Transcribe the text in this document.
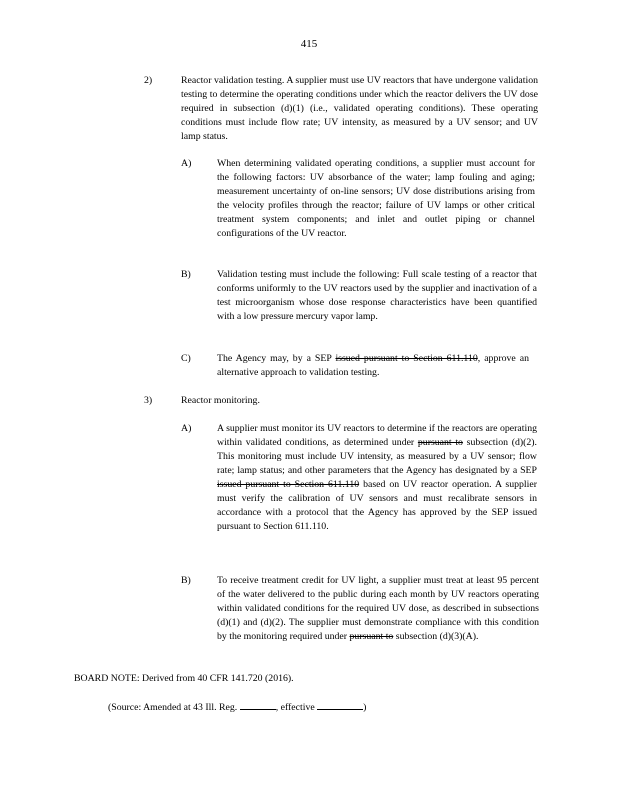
415
2)	Reactor validation testing. A supplier must use UV reactors that have undergone validation testing to determine the operating conditions under which the reactor delivers the UV dose required in subsection (d)(1) (i.e., validated operating conditions). These operating conditions must include flow rate; UV intensity, as measured by a UV sensor; and UV lamp status.
A)	When determining validated operating conditions, a supplier must account for the following factors: UV absorbance of the water; lamp fouling and aging; measurement uncertainty of on-line sensors; UV dose distributions arising from the velocity profiles through the reactor; failure of UV lamps or other critical treatment system components; and inlet and outlet piping or channel configurations of the UV reactor.
B)	Validation testing must include the following: Full scale testing of a reactor that conforms uniformly to the UV reactors used by the supplier and inactivation of a test microorganism whose dose response characteristics have been quantified with a low pressure mercury vapor lamp.
C)	The Agency may, by a SEP issued pursuant to Section 611.110, approve an alternative approach to validation testing.
3)	Reactor monitoring.
A)	A supplier must monitor its UV reactors to determine if the reactors are operating within validated conditions, as determined under pursuant to subsection (d)(2). This monitoring must include UV intensity, as measured by a UV sensor; flow rate; lamp status; and other parameters that the Agency has designated by a SEP issued pursuant to Section 611.110 based on UV reactor operation. A supplier must verify the calibration of UV sensors and must recalibrate sensors in accordance with a protocol that the Agency has approved by the SEP issued pursuant to Section 611.110.
B)	To receive treatment credit for UV light, a supplier must treat at least 95 percent of the water delivered to the public during each month by UV reactors operating within validated conditions for the required UV dose, as described in subsections (d)(1) and (d)(2). The supplier must demonstrate compliance with this condition by the monitoring required under pursuant to subsection (d)(3)(A).
BOARD NOTE: Derived from 40 CFR 141.720 (2016).
(Source: Amended at 43 Ill. Reg.	, effective	)
